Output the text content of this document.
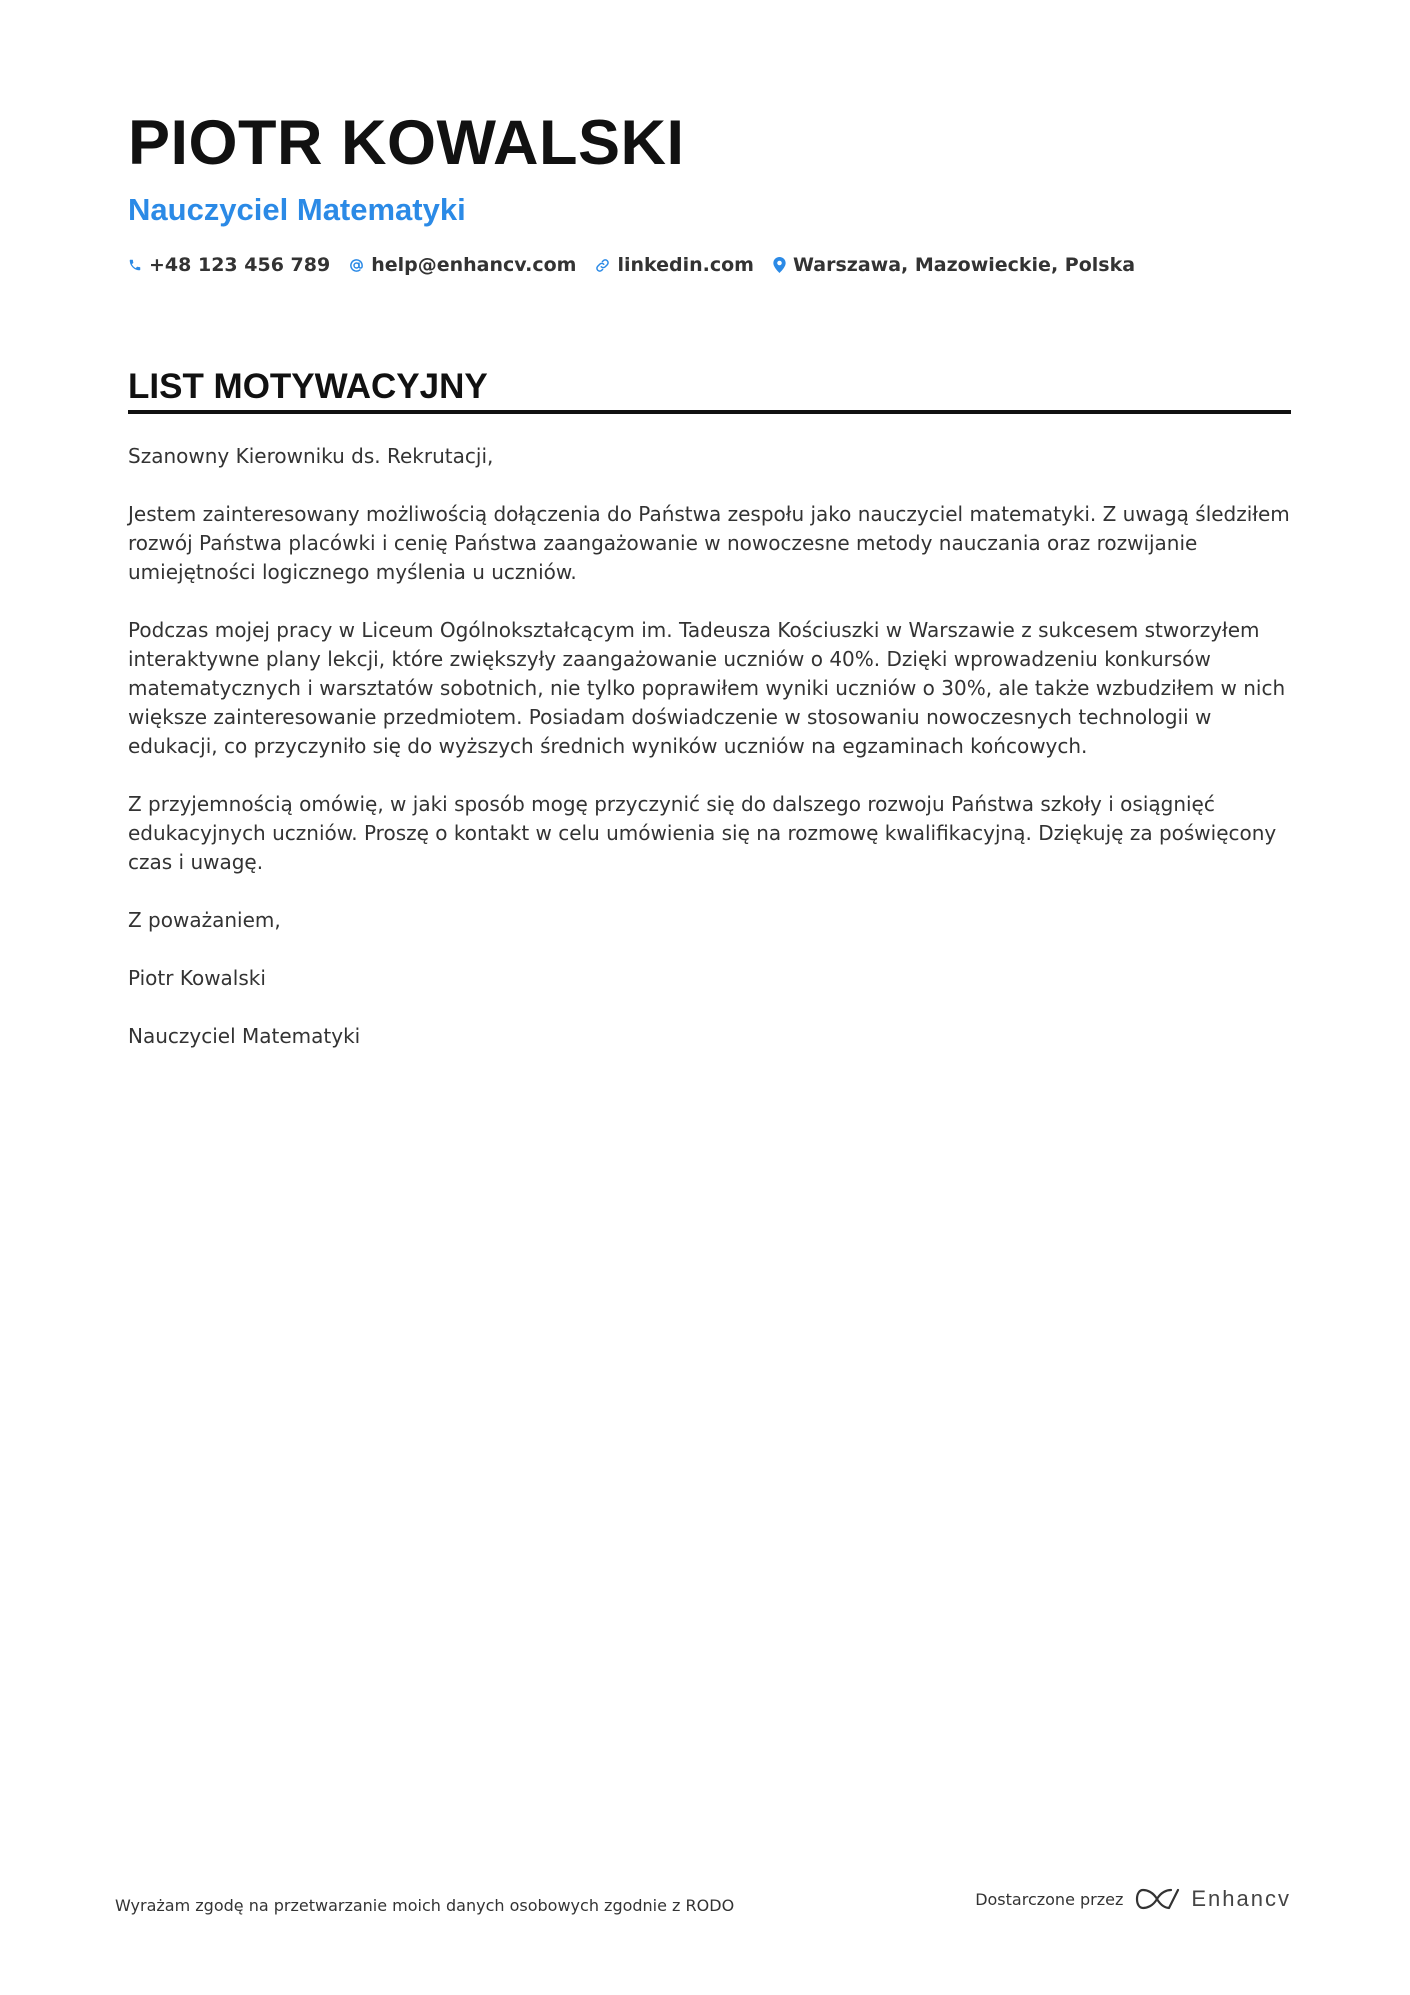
PIOTR KOWALSKI
Nauczyciel Matematyki
+48 123 456 789 help@enhancv.com linkedin.com Warszawa, Mazowieckie, Polska
LIST MOTYWACYJNY

Szanowny Kierowniku ds. Rekrutacji,

Jestem zainteresowany możliwością dołączenia do Państwa zespołu jako nauczyciel matematyki. Z uwagą śledziłem rozwój Państwa placówki i cenię Państwa zaangażowanie w nowoczesne metody nauczania oraz rozwijanie umiejętności logicznego myślenia u uczniów.

Podczas mojej pracy w Liceum Ogólnokształcącym im. Tadeusza Kościuszki w Warszawie z sukcesem stworzyłem interaktywne plany lekcji, które zwiększyły zaangażowanie uczniów o 40%. Dzięki wprowadzeniu konkursów matematycznych i warsztatów sobotnich, nie tylko poprawiłem wyniki uczniów o 30%, ale także wzbudziłem w nich większe zainteresowanie przedmiotem. Posiadam doświadczenie w stosowaniu nowoczesnych technologii w edukacji, co przyczyniło się do wyższych średnich wyników uczniów na egzaminach końcowych.

Z przyjemnością omówię, w jaki sposób mogę przyczynić się do dalszego rozwoju Państwa szkoły i osiągnięć edukacyjnych uczniów. Proszę o kontakt w celu umówienia się na rozmowę kwalifikacyjną. Dziękuję za poświęcony czas i uwagę.

Z poważaniem,

Piotr Kowalski

Nauczyciel Matematyki

Wyrażam zgodę na przetwarzanie moich danych osobowych zgodnie z RODO	Dostarczone przez	Enhancv
